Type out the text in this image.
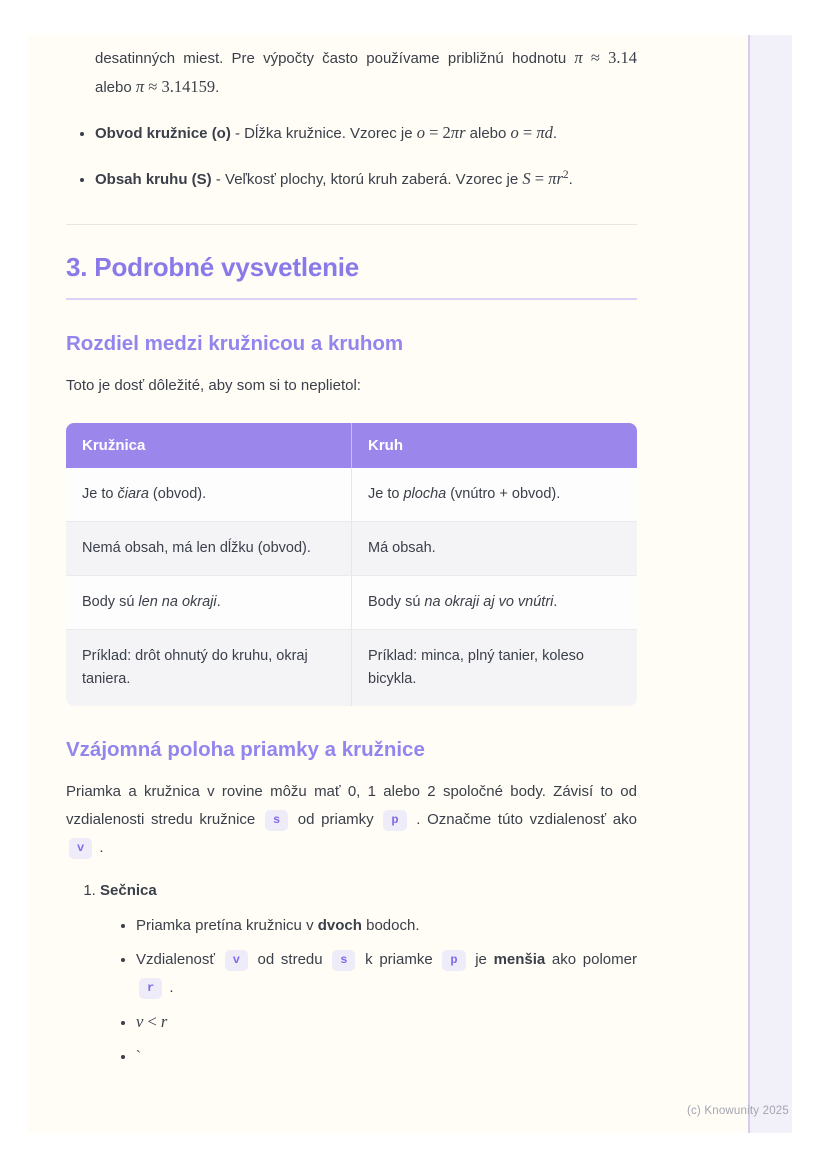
desatinných miest. Pre výpočty často používame približnú hodnotu π ≈ 3.14 alebo π ≈ 3.14159.

• Obvod kružnice (o) - Dĺžka kružnice. Vzorec je o = 2πr alebo o = πd.
• Obsah kruhu (S) - Veľkosť plochy, ktorú kruh zaberá. Vzorec je $S = \pi r^2$.
3. Podrobné vysvetlenie
Rozdiel medzi kružnicou a kruhom

Toto je dosť dôležité, aby som si to neplietol:

Kružnica	Kruh
Je to čiara (obvod).	Je to plocha (vnútro + obvod).
Nemá obsah, má len dĺžku (obvod).	Má obsah.
Body sú len na okraji.	Body sú na okraji aj vo vnútri.
Príklad: drôt ohnutý do kruhu, okraj taniera.	Príklad: minca, plný tanier, koleso bicykla.
Vzájomná poloha priamky a kružnice

Priamka a kružnica v rovine môžu mať 0, 1 alebo 2 spoločné body. Závisí to od vzdialenosti stredu kružnice s od priamky p . Označme túto vzdialenosť ako v .

1. Sečnica
• Priamka pretína kružnicu v dvoch bodoch.
• Vzdialenosť v od stredu s k priamke p je menšia ako polomer r .
• v < r
• `
(c) Knowunity 2025
